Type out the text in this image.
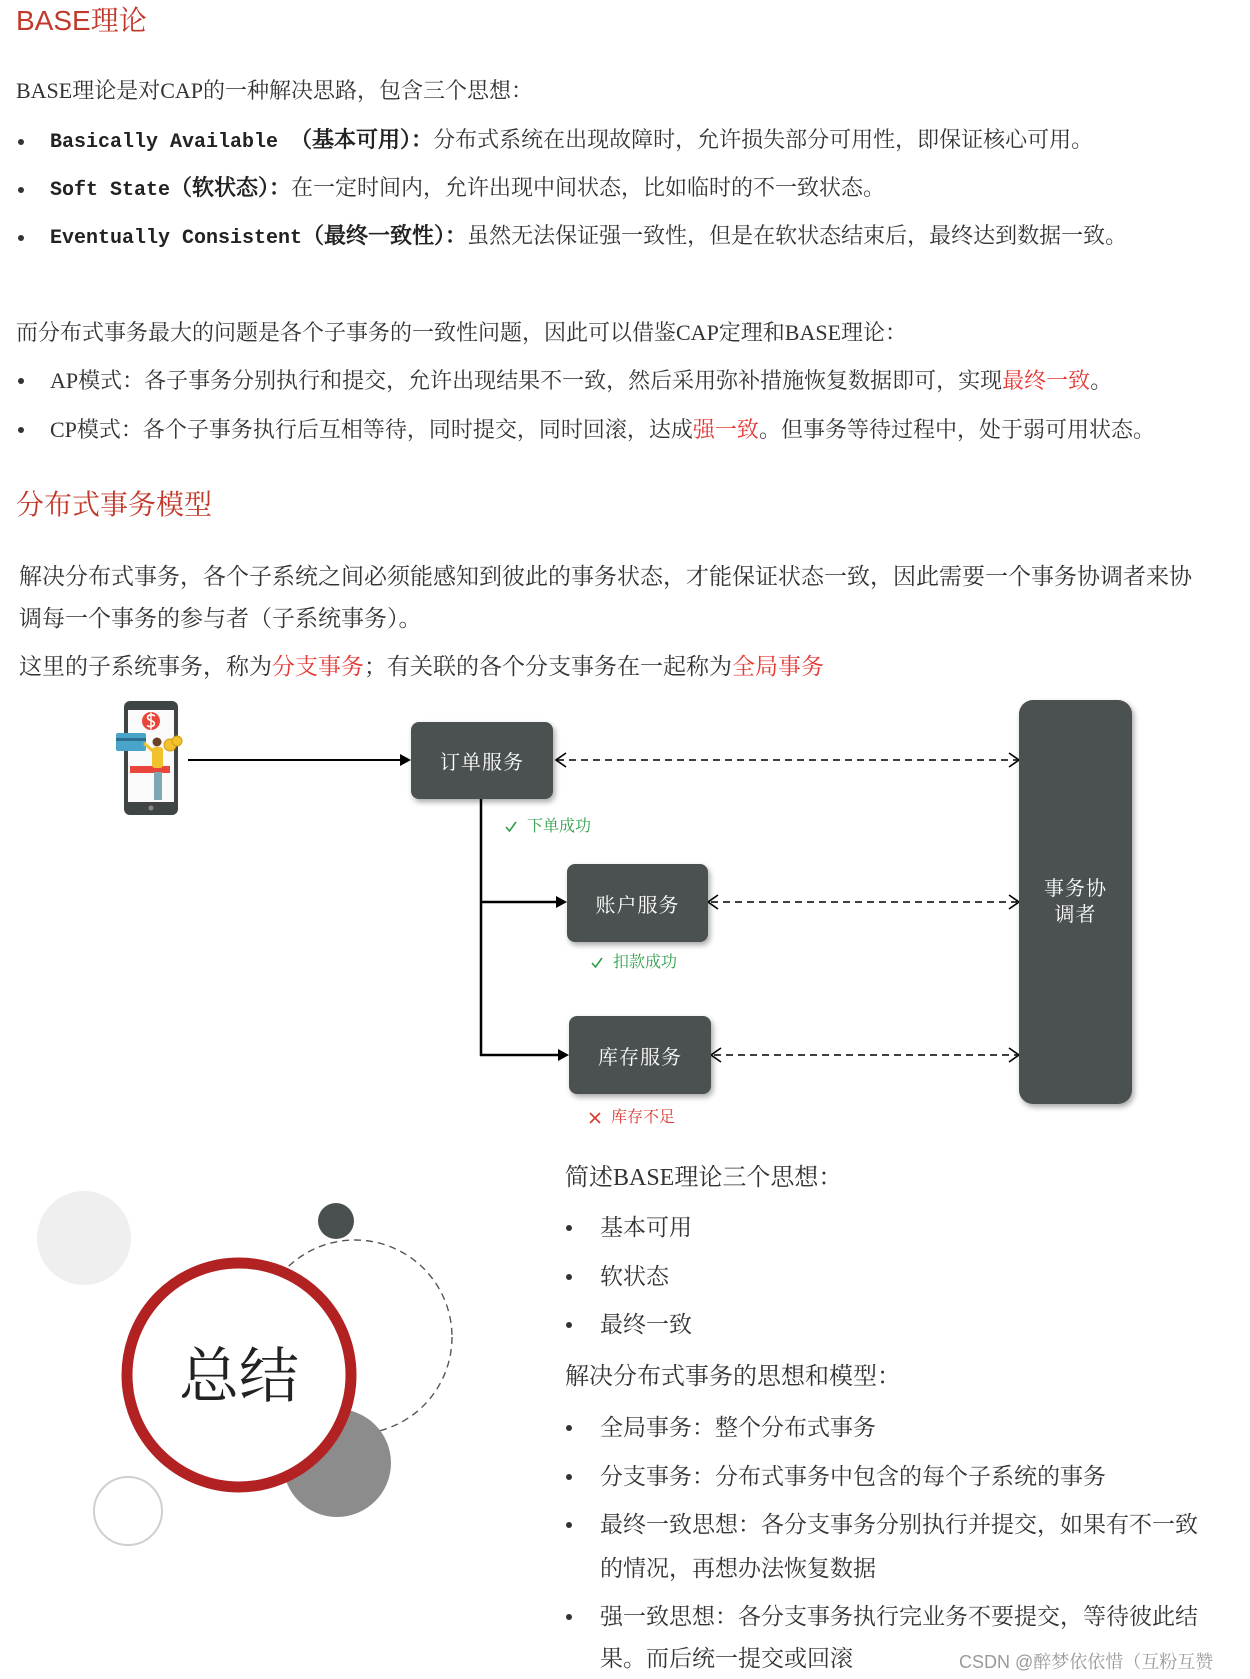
BASE理论
BASE理论是对CAP的一种解决思路，包含三个思想：
Basically Available （基本可用）：分布式系统在出现故障时，允许损失部分可用性，即保证核心可用。
Soft State（软状态）：在一定时间内，允许出现中间状态，比如临时的不一致状态。
Eventually Consistent（最终一致性）：虽然无法保证强一致性，但是在软状态结束后，最终达到数据一致。
而分布式事务最大的问题是各个子事务的一致性问题，因此可以借鉴CAP定理和BASE理论：
AP模式：各子事务分别执行和提交，允许出现结果不一致，然后采用弥补措施恢复数据即可，实现最终一致。
CP模式：各个子事务执行后互相等待，同时提交，同时回滚，达成强一致。但事务等待过程中，处于弱可用状态。
分布式事务模型
解决分布式事务，各个子系统之间必须能感知到彼此的事务状态，才能保证状态一致，因此需要一个事务协调者来协
调每一个事务的参与者（子系统事务）。
这里的子系统事务，称为分支事务；有关联的各个分支事务在一起称为全局事务
订单服务
账户服务
库存服务
事务协
调者
下单成功
扣款成功
库存不足
总结
简述BASE理论三个思想：
基本可用
软状态
最终一致
解决分布式事务的思想和模型：
全局事务：整个分布式事务
分支事务：分布式事务中包含的每个子系统的事务
最终一致思想：各分支事务分别执行并提交，如果有不一致
的情况，再想办法恢复数据
强一致思想：各分支事务执行完业务不要提交，等待彼此结
果。而后统一提交或回滚	CSDN @醉梦依依惜（互粉互赞
